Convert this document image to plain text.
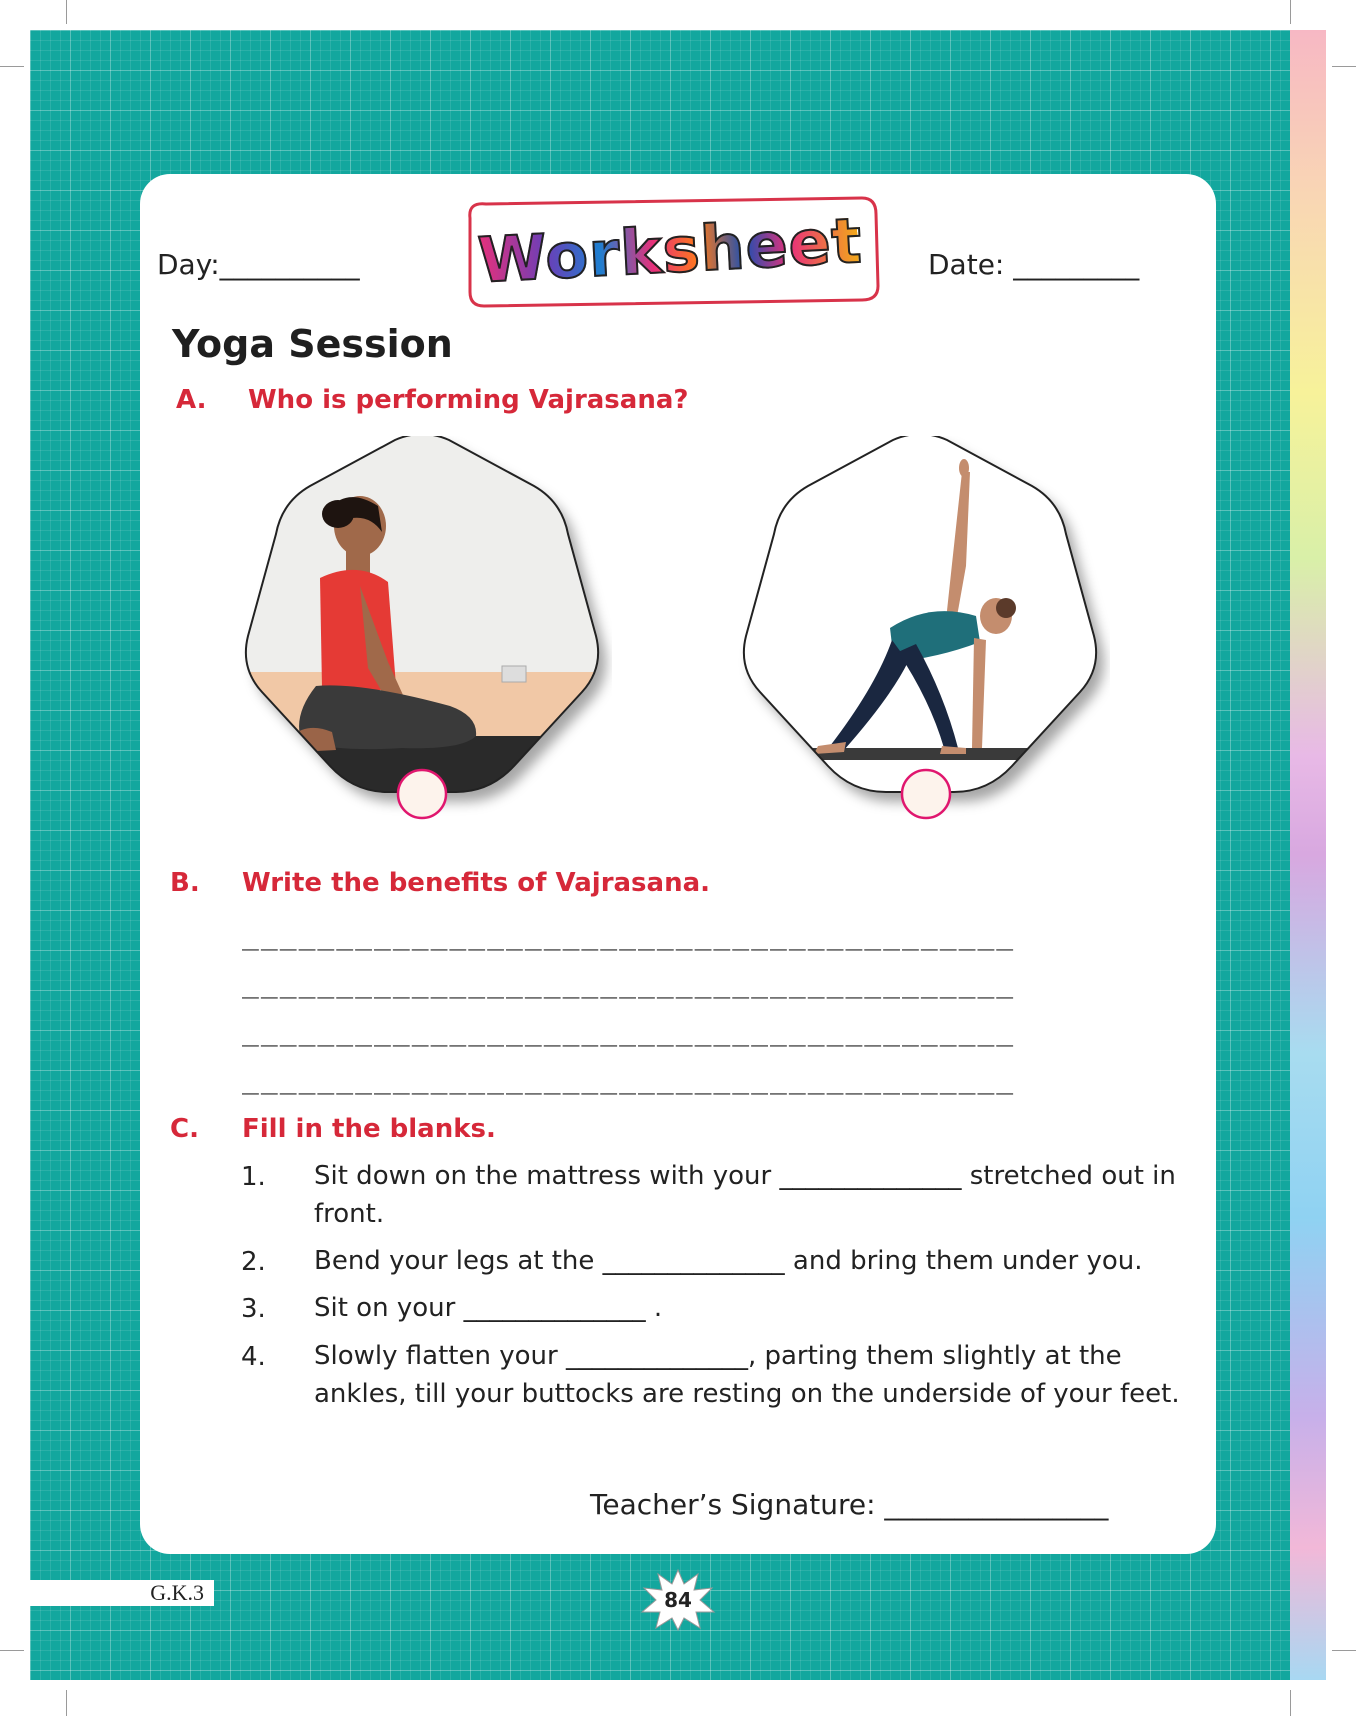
Day:__________	Date: _________
Worksheet
Yoga Session
A. Who is performing Vajrasana?
B. Write the benefits of Vajrasana.
_________________________________________
_________________________________________
_________________________________________
_________________________________________
C. Fill in the blanks.
1. Sit down on the mattress with your ______________ stretched out in front.
2. Bend your legs at the ______________ and bring them under you.
3. Sit on your ______________ .
4. Slowly flatten your ______________, parting them slightly at the ankles, till your buttocks are resting on the underside of your feet.
Teacher’s Signature: ________________
G.K.3	84
